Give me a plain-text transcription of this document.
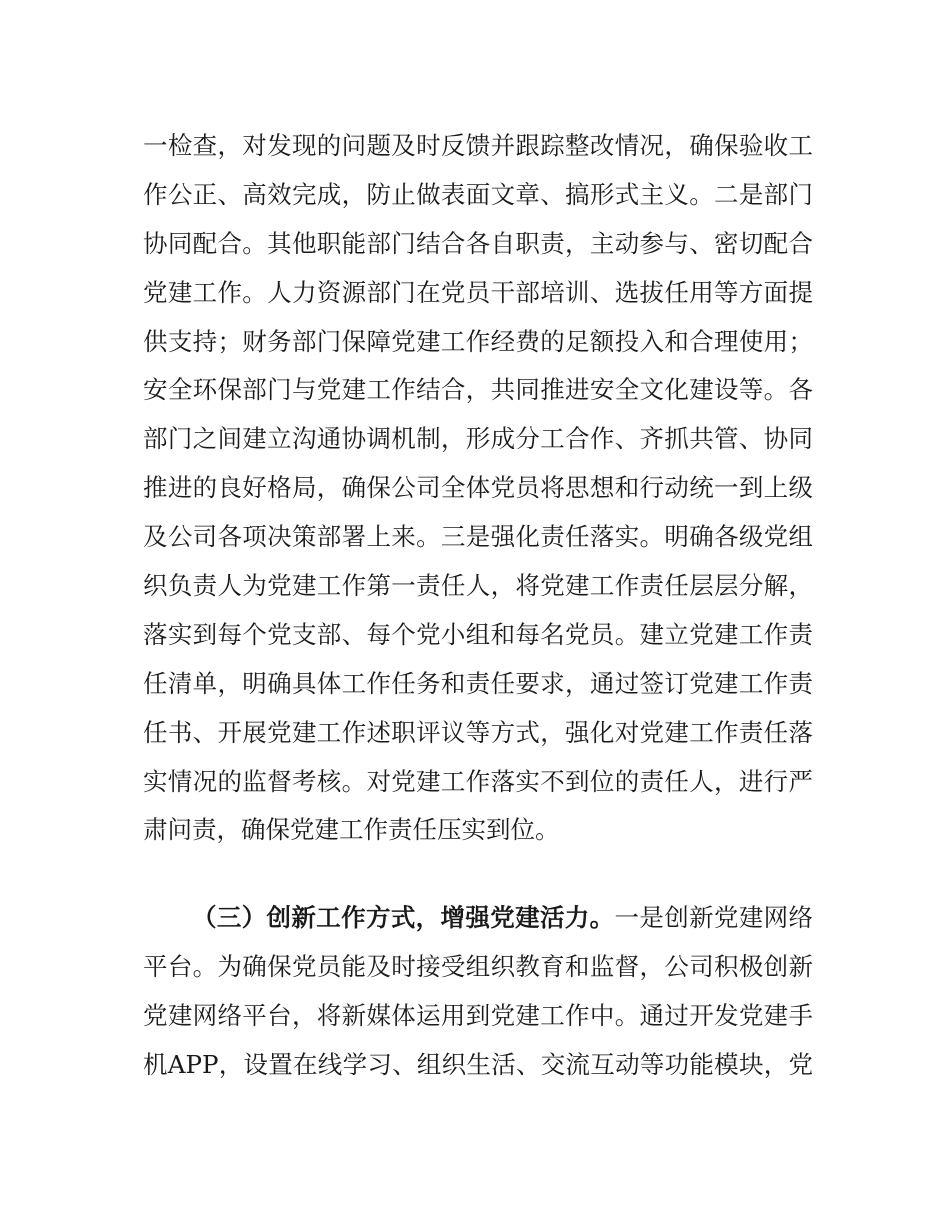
一检查，对发现的问题及时反馈并跟踪整改情况，确保验收工
作公正、高效完成，防止做表面文章、搞形式主义。二是部门
协同配合。其他职能部门结合各自职责，主动参与、密切配合
党建工作。人力资源部门在党员干部培训、选拔任用等方面提
供支持；财务部门保障党建工作经费的足额投入和合理使用；
安全环保部门与党建工作结合，共同推进安全文化建设等。各
部门之间建立沟通协调机制，形成分工合作、齐抓共管、协同
推进的良好格局，确保公司全体党员将思想和行动统一到上级
及公司各项决策部署上来。三是强化责任落实。明确各级党组
织负责人为党建工作第一责任人，将党建工作责任层层分解，
落实到每个党支部、每个党小组和每名党员。建立党建工作责
任清单，明确具体工作任务和责任要求，通过签订党建工作责
任书、开展党建工作述职评议等方式，强化对党建工作责任落
实情况的监督考核。对党建工作落实不到位的责任人，进行严
肃问责，确保党建工作责任压实到位。
（三）创新工作方式，增强党建活力。一是创新党建网络
平台。为确保党员能及时接受组织教育和监督，公司积极创新
党建网络平台，将新媒体运用到党建工作中。通过开发党建手
机APP，设置在线学习、组织生活、交流互动等功能模块，党
